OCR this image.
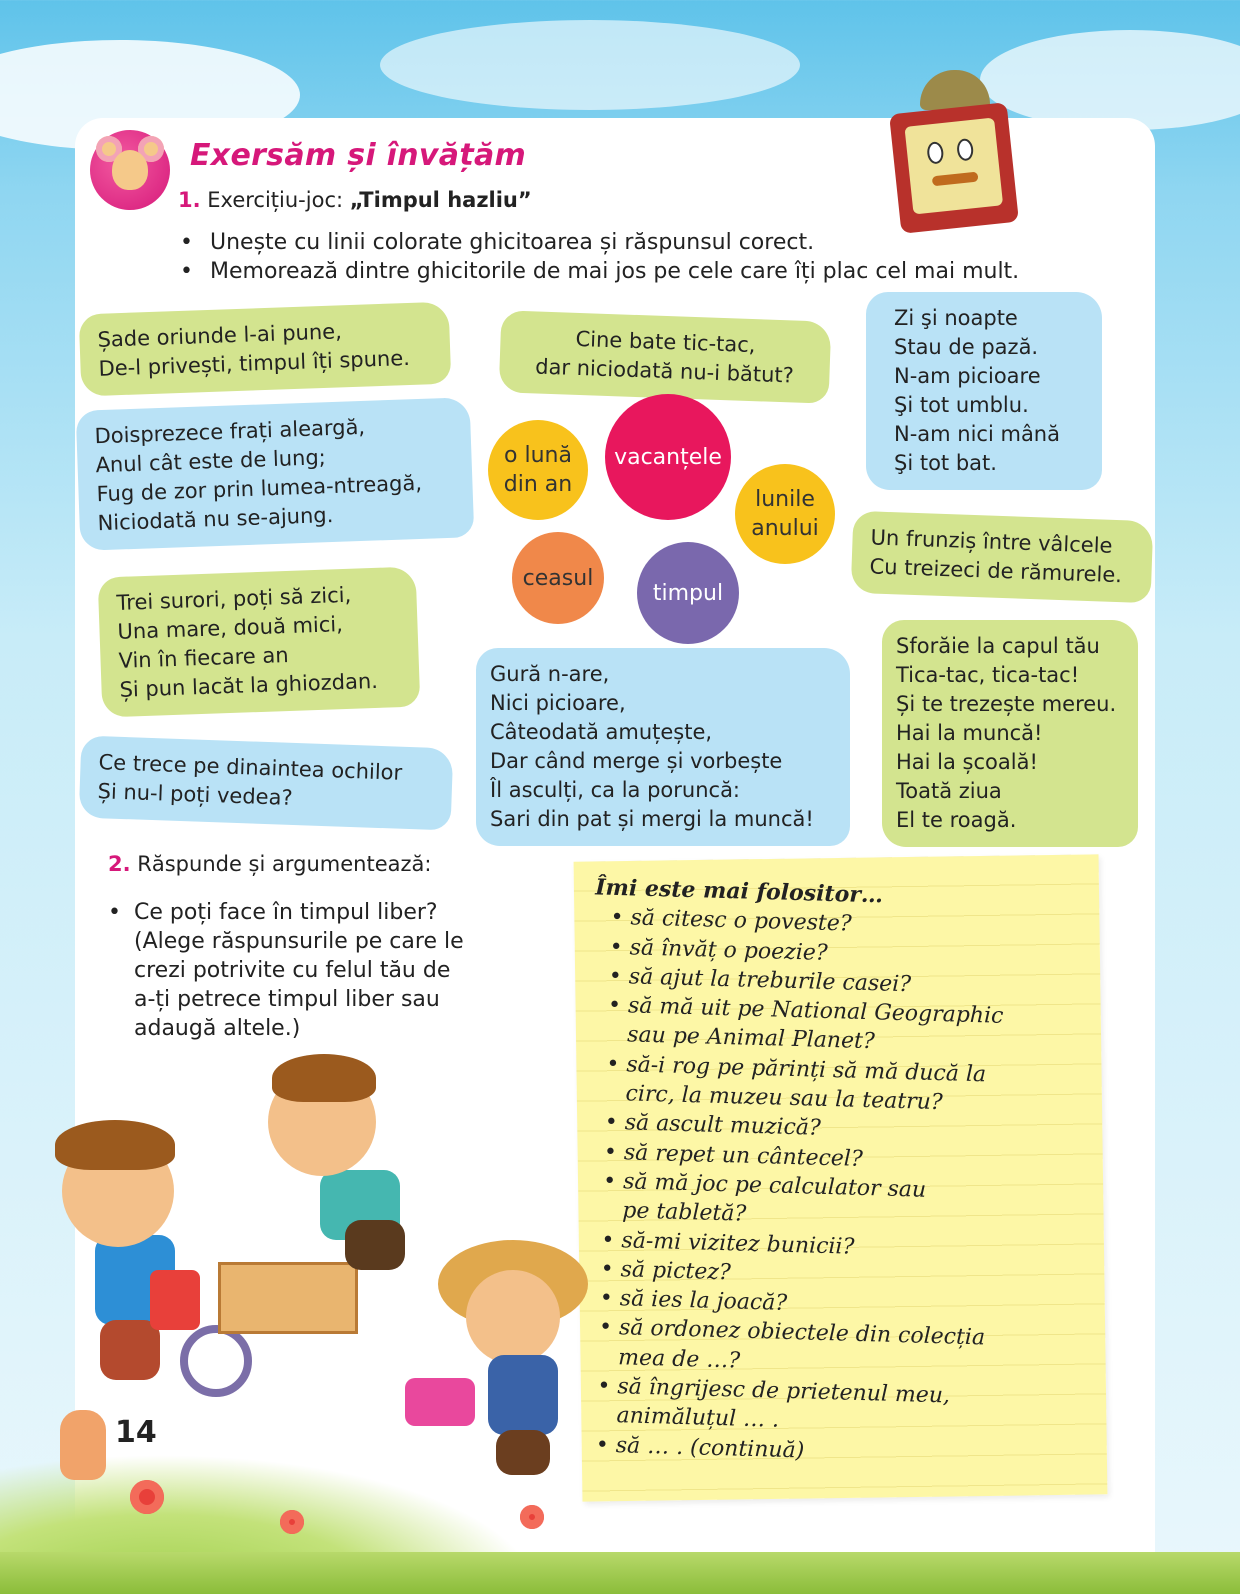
Exersăm și învățăm
1. Exercițiu-joc: „Timpul hazliu”
• Unește cu linii colorate ghicitoarea și răspunsul corect.
• Memorează dintre ghicitorile de mai jos pe cele care îți plac cel mai mult.
Șade oriunde l-ai pune,
De-l privești, timpul îți spune.
Cine bate tic-tac,
dar niciodată nu-i bătut?
Zi şi noapte
Stau de pază.
N-am picioare
Şi tot umblu.
N-am nici mână
Şi tot bat.
Doisprezece frați aleargă,
Anul cât este de lung;
Fug de zor prin lumea-ntreagă,
Niciodată nu se-ajung.
Un frunziș între vâlcele
Cu treizeci de rămurele.
Trei surori, poți să zici,
Una mare, două mici,
Vin în fiecare an
Și pun lacăt la ghiozdan.
Sforăie la capul tău
Tica-tac, tica-tac!
Și te trezește mereu.
Hai la muncă!
Hai la școală!
Toată ziua
El te roagă.
Gură n-are,
Nici picioare,
Câteodată amuțește,
Dar când merge și vorbește
Îl asculți, ca la poruncă:
Sari din pat și mergi la muncă!
Ce trece pe dinaintea ochilor
Și nu-l poți vedea?
o lună
din an
vacanțele
lunile
anului
ceasul
timpul
2. Răspunde și argumentează:
• Ce poți face în timpul liber?
(Alege răspunsurile pe care le
crezi potrivite cu felul tău de
a-ți petrece timpul liber sau
adaugă altele.)
Îmi este mai folositor…
• să citesc o poveste?
• să învăț o poezie?
• să ajut la treburile casei?
• să mă uit pe National Geographic
sau pe Animal Planet?
• să-i rog pe părinți să mă ducă la
circ, la muzeu sau la teatru?
• să ascult muzică?
• să repet un cântecel?
• să mă joc pe calculator sau
pe tabletă?
• să-mi vizitez bunicii?
• să pictez?
• să ies la joacă?
• să ordonez obiectele din colecția
mea de …?
• să îngrijesc de prietenul meu,
animăluțul … .
• să … . (continuă)
14
